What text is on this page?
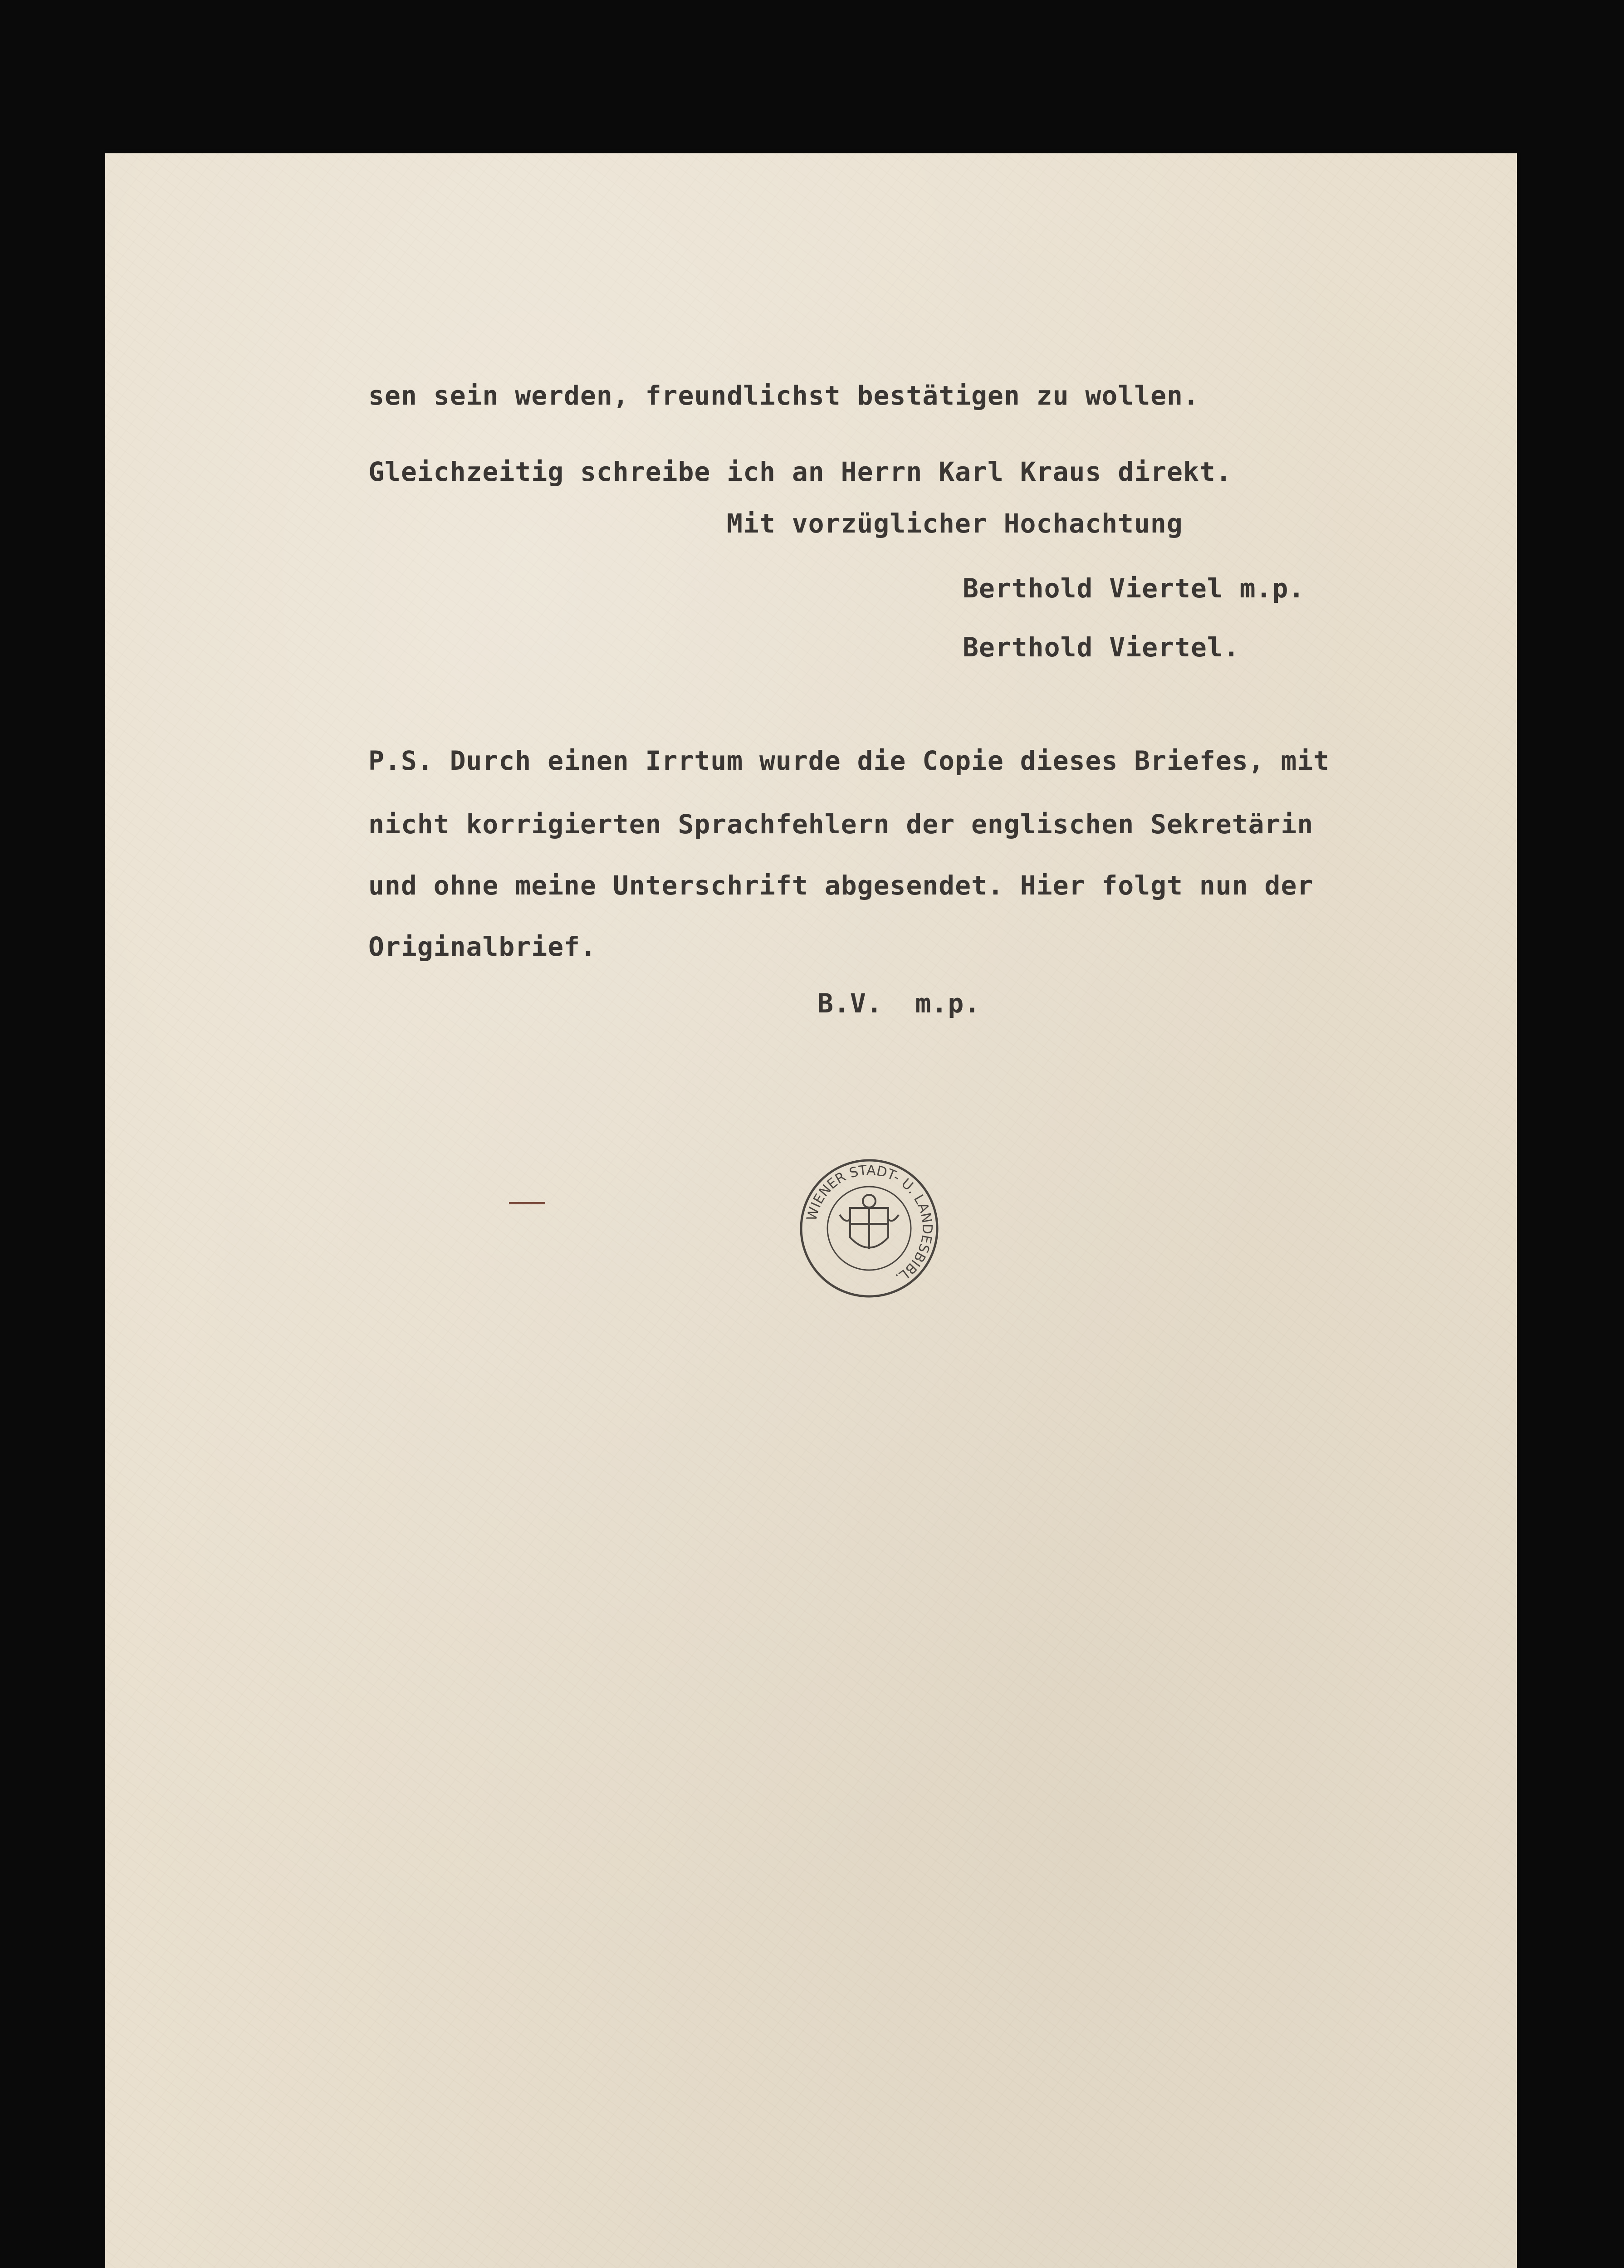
sen sein werden, freundlichst bestätigen zu wollen.
Gleichzeitig schreibe ich an Herrn Karl Kraus direkt.
Mit vorzüglicher Hochachtung
Berthold Viertel m.p.
Berthold Viertel.
P.S. Durch einen Irrtum wurde die Copie dieses Briefes, mit
nicht korrigierten Sprachfehlern der englischen Sekretärin
und ohne meine Unterschrift abgesendet. Hier folgt nun der
Originalbrief.
B.V.  m.p.
WIENER STADT- U. LANDESBIBL.
